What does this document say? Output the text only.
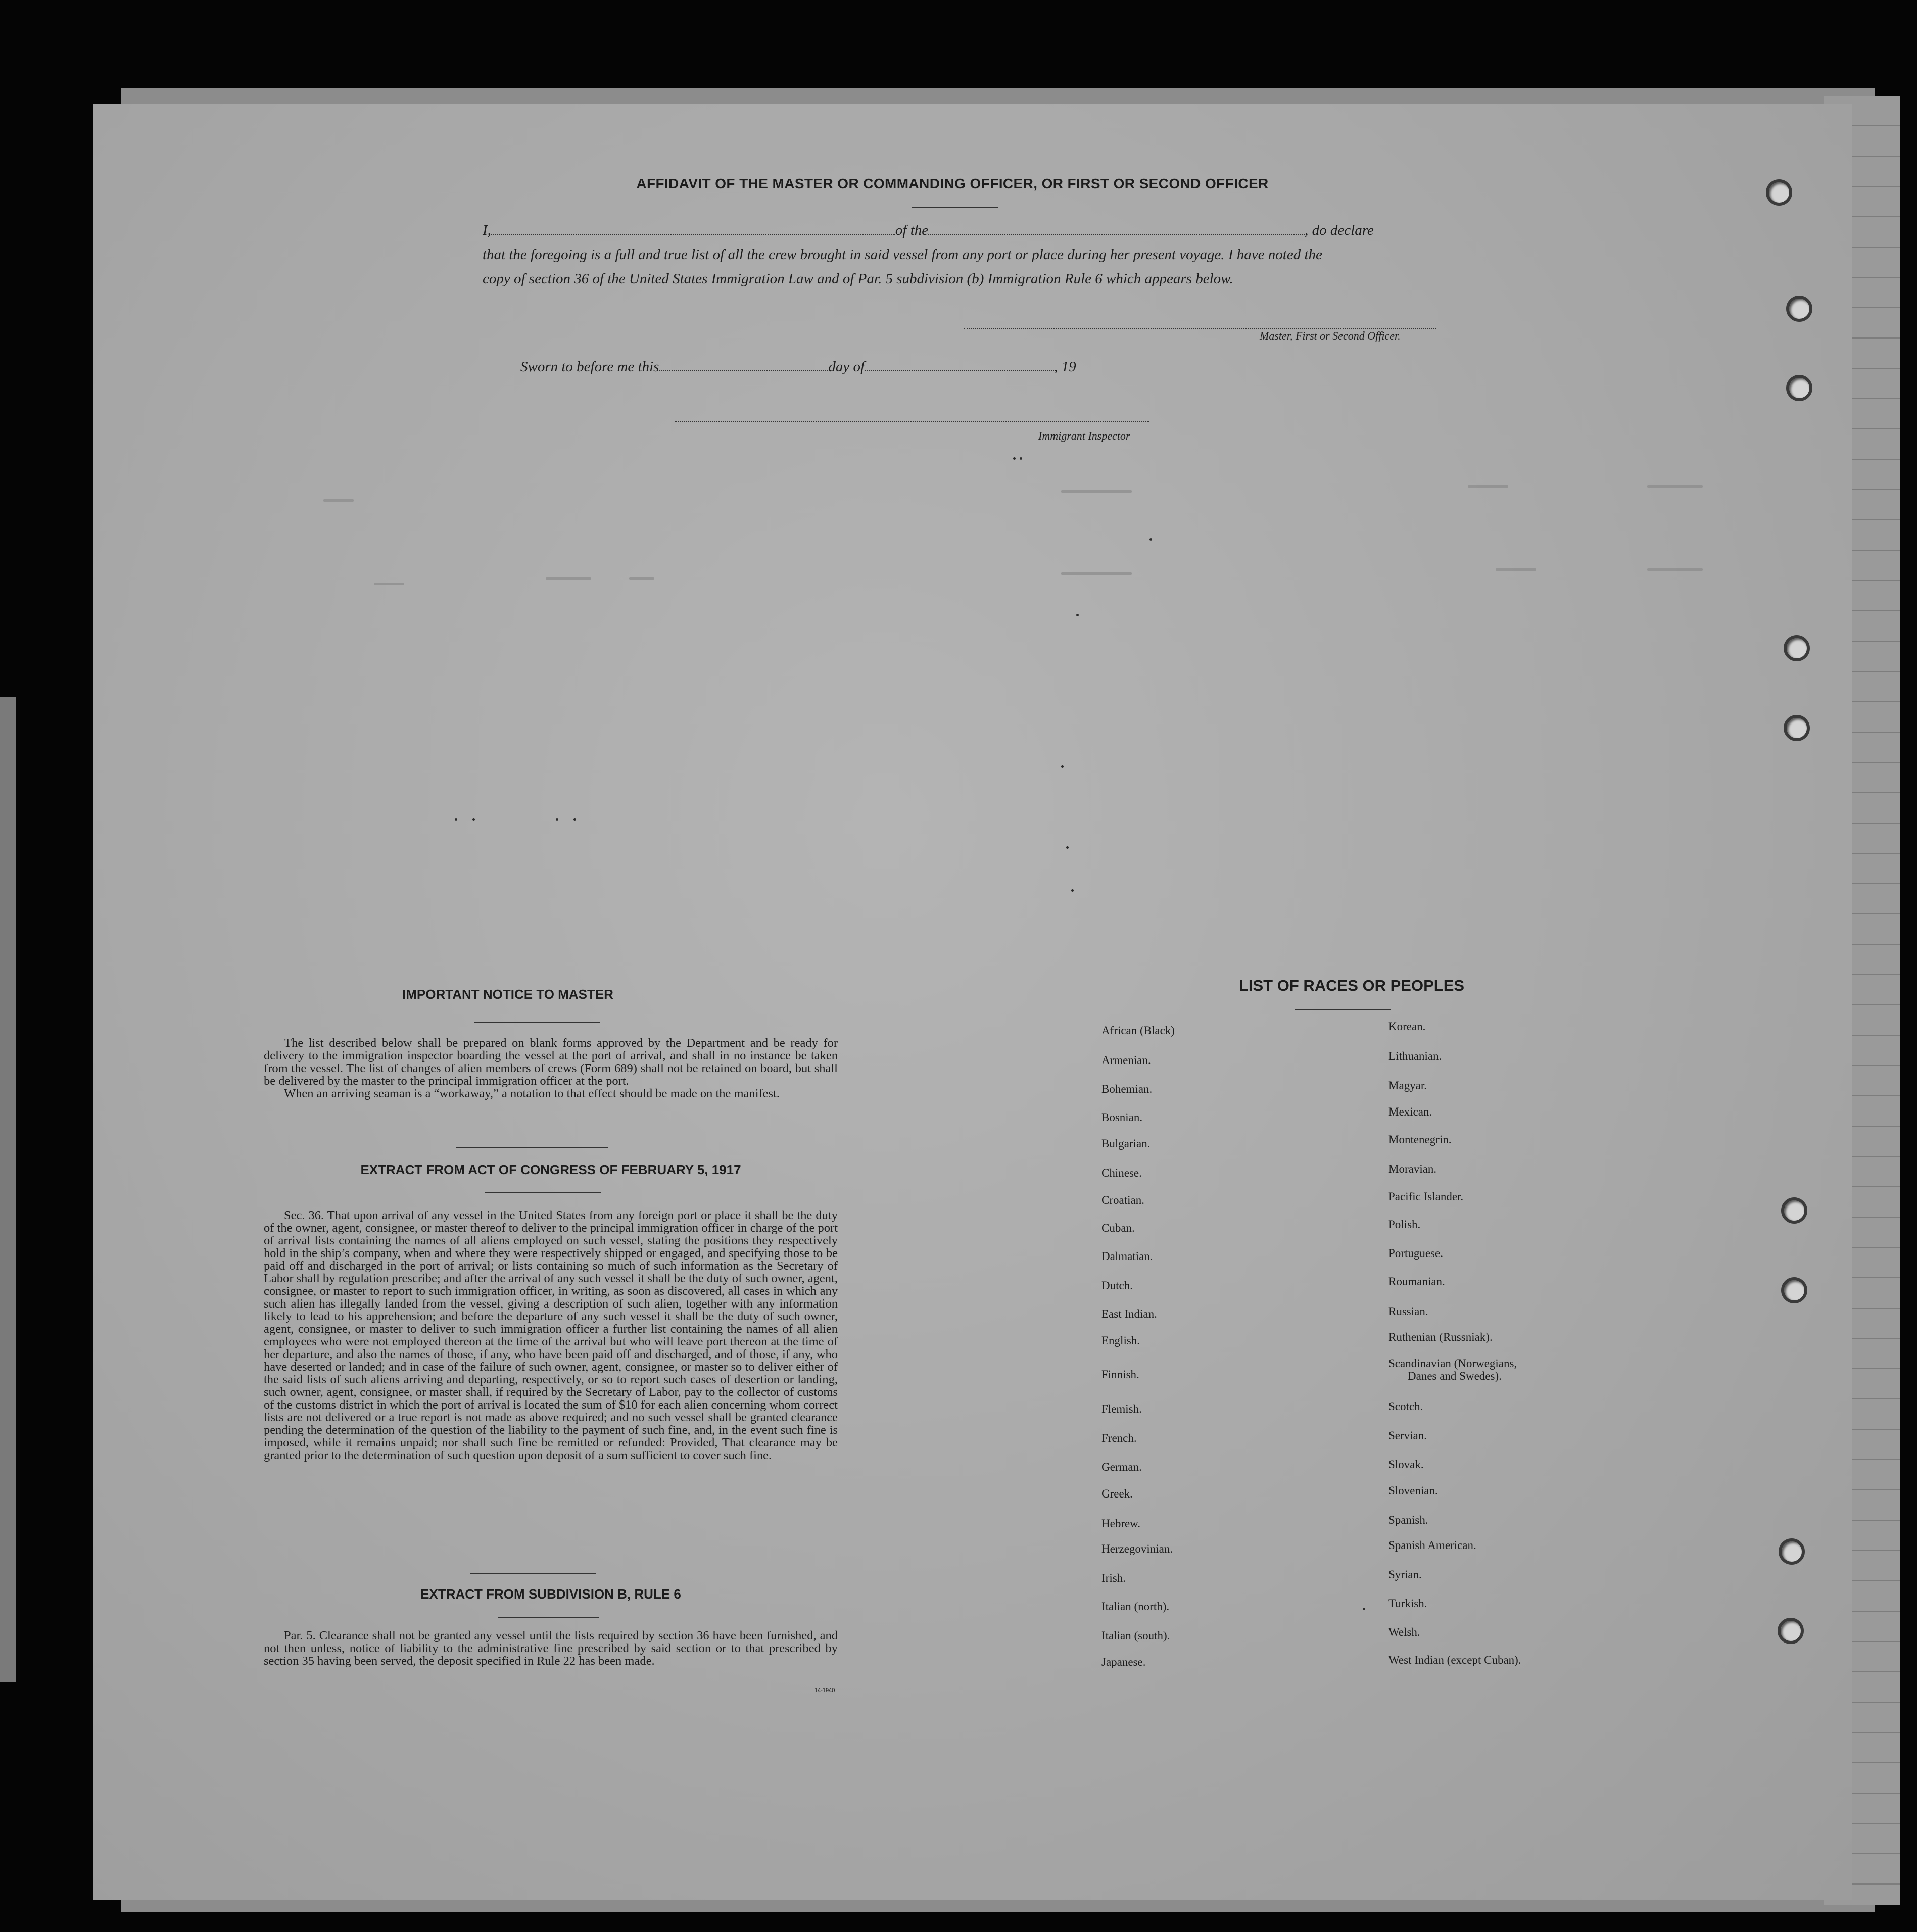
AFFIDAVIT OF THE MASTER OR COMMANDING OFFICER, OR FIRST OR SECOND OFFICER
I,	of the	, do declare
that the foregoing is a full and true list of all the crew brought in said vessel from any port or place during her present voyage. I have noted the
copy of section 36 of the United States Immigration Law and of Par. 5 subdivision (b) Immigration Rule 6 which appears below.
Master, First or Second Officer.
Sworn to before me this	day of	, 19
Immigrant Inspector
IMPORTANT NOTICE TO MASTER

The list described below shall be prepared on blank forms approved by the Department and be ready for delivery to the immigration inspector boarding the vessel at the port of arrival, and shall in no instance be taken from the vessel. The list of changes of alien members of crews (Form 689) shall not be retained on board, but shall be delivered by the master to the principal immigration officer at the port.

When an arriving seaman is a “workaway,” a notation to that effect should be made on the manifest.

EXTRACT FROM ACT OF CONGRESS OF FEBRUARY 5, 1917

Sec. 36. That upon arrival of any vessel in the United States from any foreign port or place it shall be the duty of the owner, agent, consignee, or master thereof to deliver to the principal immigration officer in charge of the port of arrival lists containing the names of all aliens employed on such vessel, stating the positions they respectively hold in the ship’s company, when and where they were respectively shipped or engaged, and specifying those to be paid off and discharged in the port of arrival; or lists containing so much of such information as the Secretary of Labor shall by regulation prescribe; and after the arrival of any such vessel it shall be the duty of such owner, agent, consignee, or master to report to such immigration officer, in writing, as soon as discovered, all cases in which any such alien has illegally landed from the vessel, giving a description of such alien, together with any information likely to lead to his apprehension; and before the departure of any such vessel it shall be the duty of such owner, agent, consignee, or master to deliver to such immigration officer a further list containing the names of all alien employees who were not employed thereon at the time of the arrival but who will leave port thereon at the time of her departure, and also the names of those, if any, who have been paid off and discharged, and of those, if any, who have deserted or landed; and in case of the failure of such owner, agent, consignee, or master so to deliver either of the said lists of such aliens arriving and departing, respectively, or so to report such cases of desertion or landing, such owner, agent, consignee, or master shall, if required by the Secretary of Labor, pay to the collector of customs of the customs district in which the port of arrival is located the sum of $10 for each alien concerning whom correct lists are not delivered or a true report is not made as above required; and no such vessel shall be granted clearance pending the determination of the question of the liability to the payment of such fine, and, in the event such fine is imposed, while it remains unpaid; nor shall such fine be remitted or refunded: Provided, That clearance may be granted prior to the determination of such question upon deposit of a sum sufficient to cover such fine.

EXTRACT FROM SUBDIVISION B, RULE 6

Par. 5. Clearance shall not be granted any vessel until the lists required by section 36 have been furnished, and not then unless, notice of liability to the administrative fine prescribed by said section or to that prescribed by section 35 having been served, the deposit specified in Rule 22 has been made.

14-1940
LIST OF RACES OR PEOPLES
African (Black)
Armenian.
Bohemian.
Bosnian.
Bulgarian.
Chinese.
Croatian.
Cuban.
Dalmatian.
Dutch.
East Indian.
English.
Finnish.
Flemish.
French.
German.
Greek.
Hebrew.
Herzegovinian.
Irish.
Italian (north).
Italian (south).
Japanese.
Korean.
Lithuanian.
Magyar.
Mexican.
Montenegrin.
Moravian.
Pacific Islander.
Polish.
Portuguese.
Roumanian.
Russian.
Ruthenian (Russniak).
Scandinavian (Norwegians,
Danes and Swedes).
Scotch.
Servian.
Slovak.
Slovenian.
Spanish.
Spanish American.
Syrian.
Turkish.
Welsh.
West Indian (except Cuban).
